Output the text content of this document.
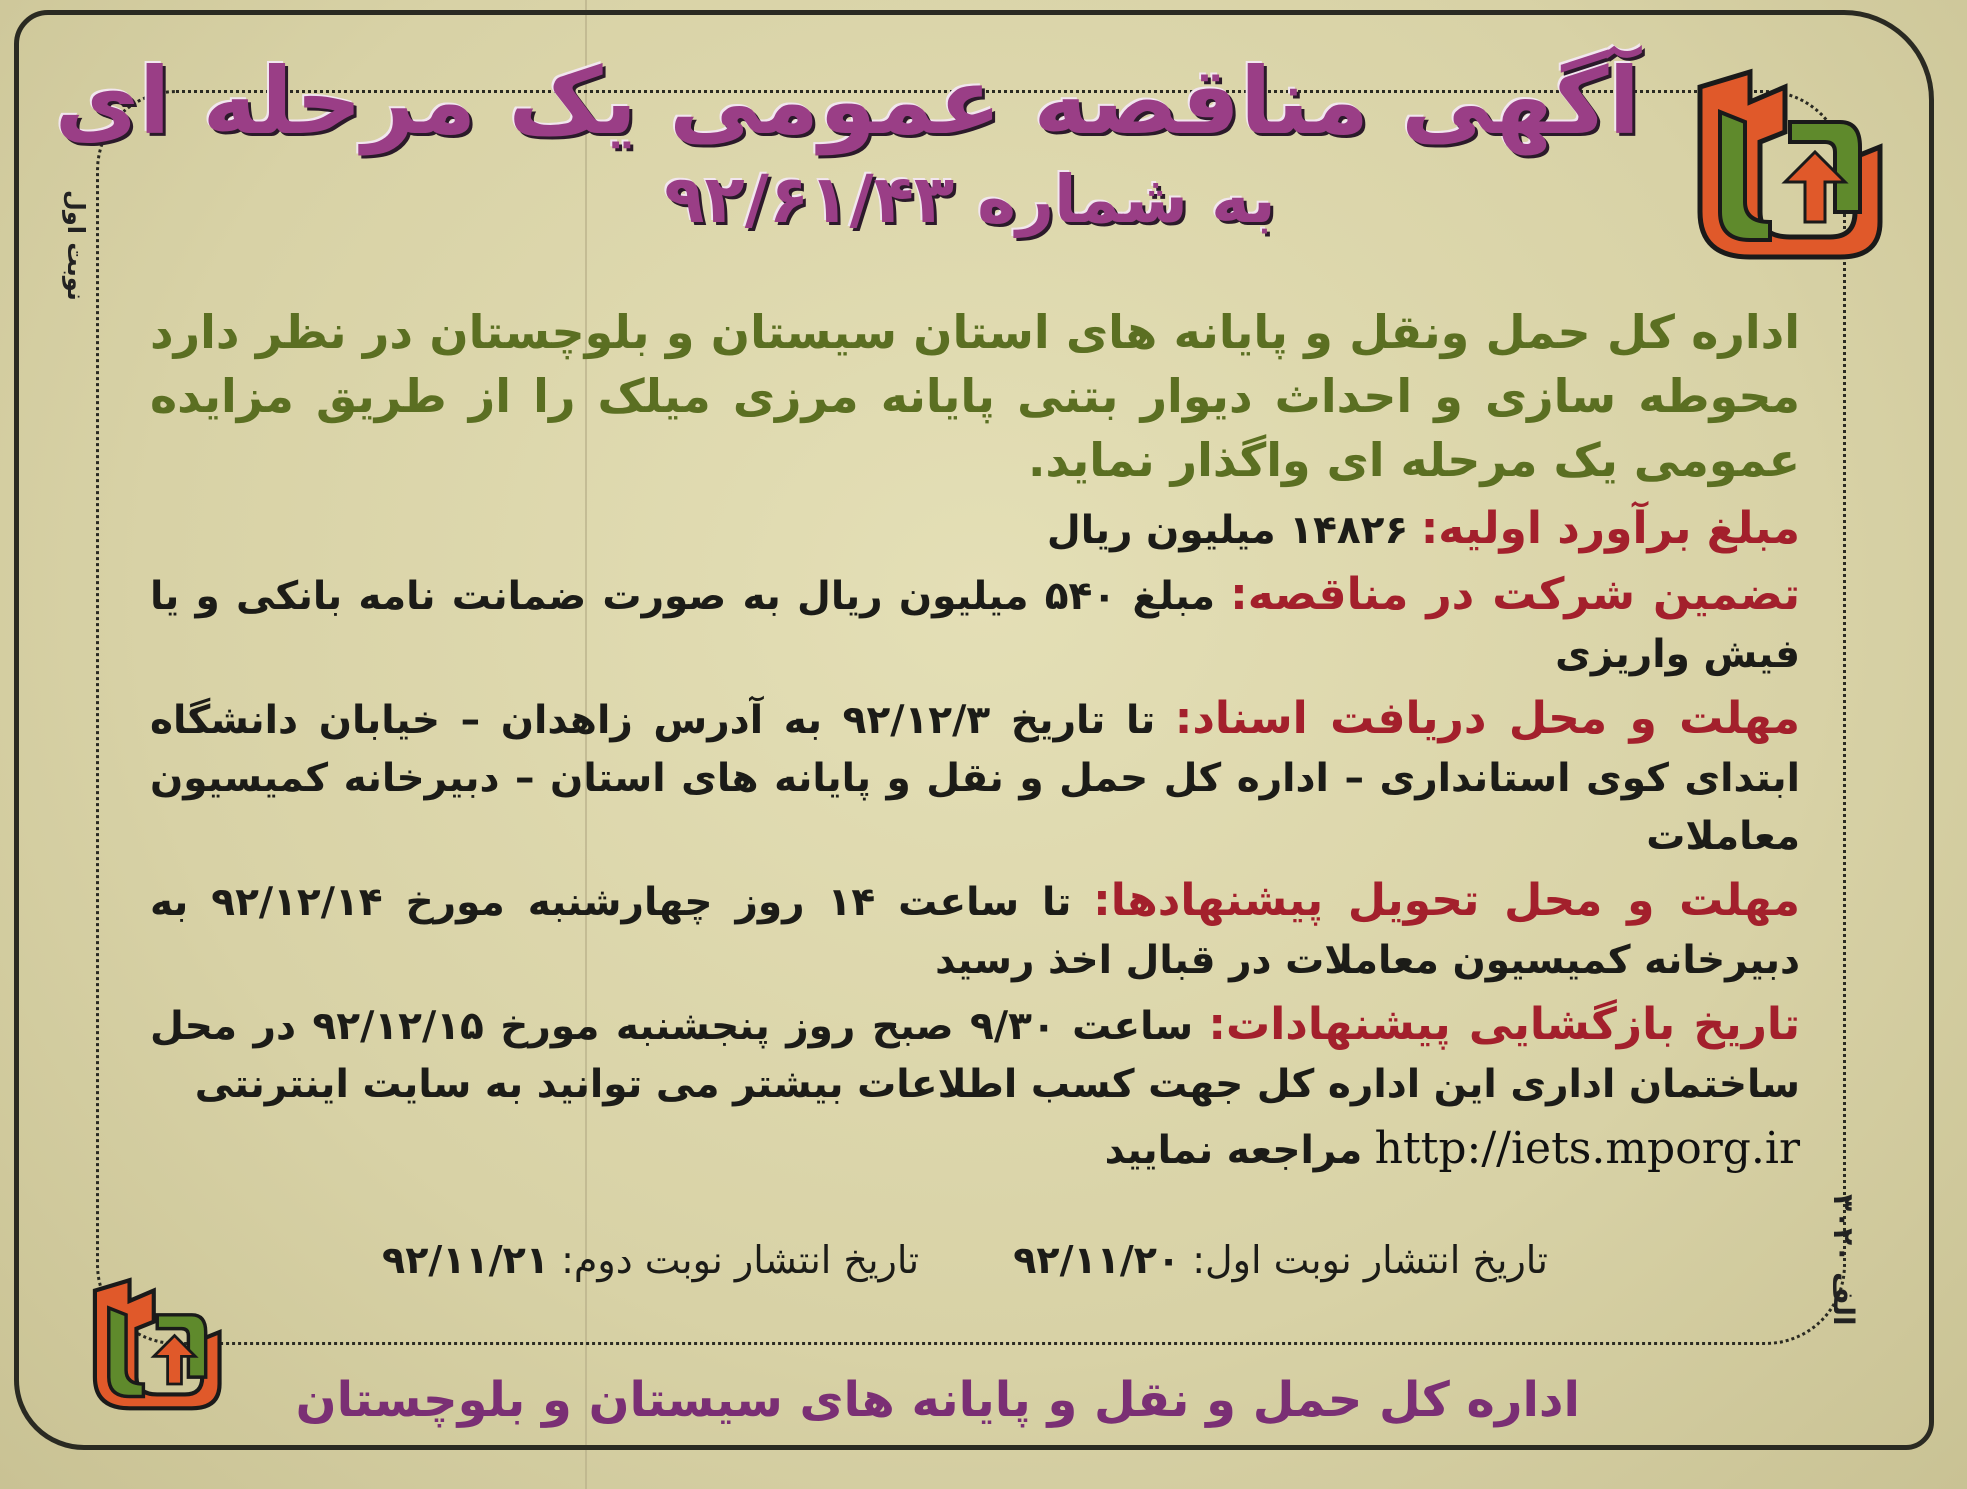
آگهی مناقصه عمومی یک مرحله ای
به شماره ۹۲/۶۱/۴۳
نوبت اول
۳۰۲۰ الف

اداره کل حمل ونقل و پایانه های استان سیستان و بلوچستان در نظر دارد محوطه سازی و احداث دیوار بتنی پایانه مرزی میلک را از طریق مزایده عمومی یک مرحله ای واگذار نماید.

مبلغ برآورد اولیه: ۱۴۸۲۶ میلیون ریال

تضمین شرکت در مناقصه: مبلغ ۵۴۰ میلیون ریال به صورت ضمانت نامه بانکی و یا فیش واریزی

مهلت و محل دریافت اسناد: تا تاریخ ۹۲/۱۲/۳ به آدرس زاهدان – خیابان دانشگاه ابتدای کوی استانداری – اداره کل حمل و نقل و پایانه های استان – دبیرخانه کمیسیون معاملات

مهلت و محل تحویل پیشنهادها: تا ساعت ۱۴ روز چهارشنبه مورخ ۹۲/۱۲/۱۴ به دبیرخانه کمیسیون معاملات در قبال اخذ رسید

تاریخ بازگشایی پیشنهادات: ساعت ۹/۳۰ صبح روز پنجشنبه مورخ ۹۲/۱۲/۱۵ در محل ساختمان اداری این اداره کل جهت کسب اطلاعات بیشتر می توانید به سایت اینترنتی

http://iets.mporg.ir مراجعه نمایید

تاریخ انتشار نوبت اول: ۹۲/۱۱/۲۰  تاریخ انتشار نوبت دوم: ۹۲/۱۱/۲۱
اداره کل حمل و نقل و پایانه های سیستان و بلوچستان
